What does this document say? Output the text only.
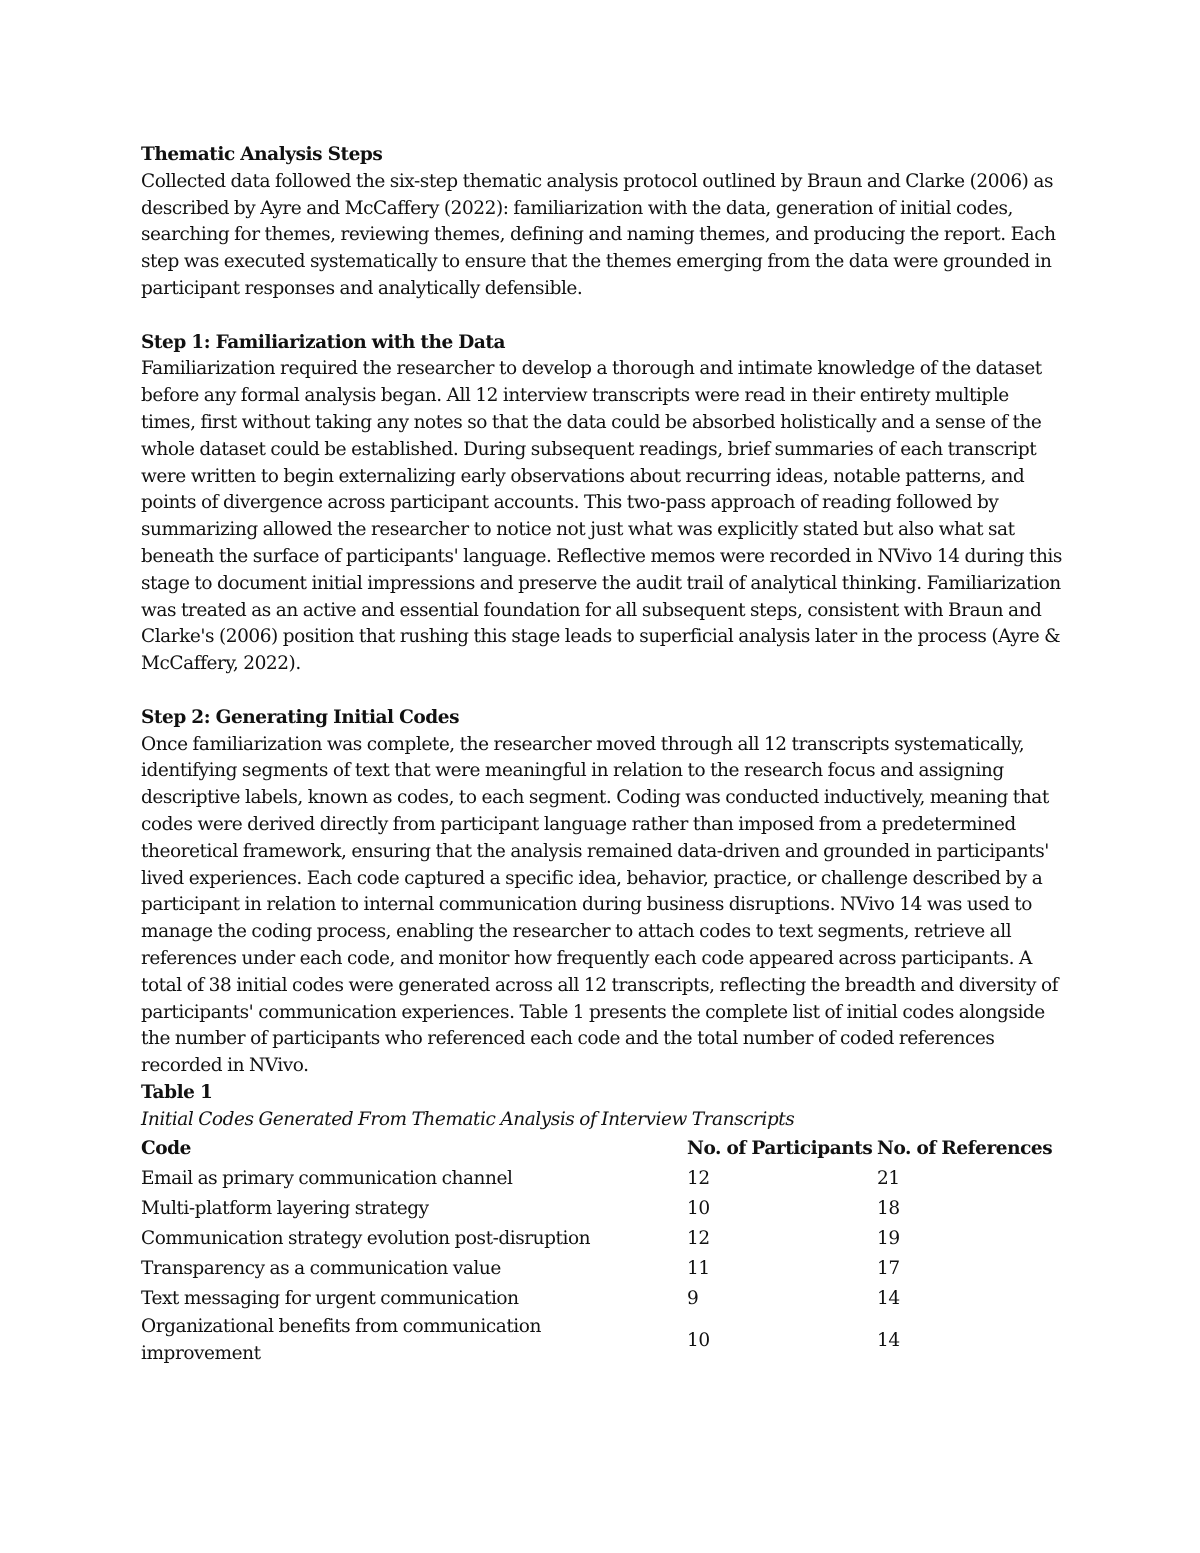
Thematic Analysis Steps

Collected data followed the six-step thematic analysis protocol outlined by Braun and Clarke (2006) as described by Ayre and McCaffery (2022): familiarization with the data, generation of initial codes, searching for themes, reviewing themes, defining and naming themes, and producing the report. Each step was executed systematically to ensure that the themes emerging from the data were grounded in participant responses and analytically defensible.

Step 1: Familiarization with the Data

Familiarization required the researcher to develop a thorough and intimate knowledge of the dataset before any formal analysis began. All 12 interview transcripts were read in their entirety multiple times, first without taking any notes so that the data could be absorbed holistically and a sense of the whole dataset could be established. During subsequent readings, brief summaries of each transcript were written to begin externalizing early observations about recurring ideas, notable patterns, and points of divergence across participant accounts. This two-pass approach of reading followed by summarizing allowed the researcher to notice not just what was explicitly stated but also what sat beneath the surface of participants' language. Reflective memos were recorded in NVivo 14 during this stage to document initial impressions and preserve the audit trail of analytical thinking. Familiarization was treated as an active and essential foundation for all subsequent steps, consistent with Braun and Clarke's (2006) position that rushing this stage leads to superficial analysis later in the process (Ayre & McCaffery, 2022).

Step 2: Generating Initial Codes

Once familiarization was complete, the researcher moved through all 12 transcripts systematically, identifying segments of text that were meaningful in relation to the research focus and assigning descriptive labels, known as codes, to each segment. Coding was conducted inductively, meaning that codes were derived directly from participant language rather than imposed from a predetermined theoretical framework, ensuring that the analysis remained data-driven and grounded in participants' lived experiences. Each code captured a specific idea, behavior, practice, or challenge described by a participant in relation to internal communication during business disruptions. NVivo 14 was used to manage the coding process, enabling the researcher to attach codes to text segments, retrieve all references under each code, and monitor how frequently each code appeared across participants. A total of 38 initial codes were generated across all 12 transcripts, reflecting the breadth and diversity of participants' communication experiences. Table 1 presents the complete list of initial codes alongside the number of participants who referenced each code and the total number of coded references recorded in NVivo.

Table 1

Initial Codes Generated From Thematic Analysis of Interview Transcripts

Code	No. of Participants	No. of References
Email as primary communication channel	12	21
Multi-platform layering strategy	10	18
Communication strategy evolution post-disruption	12	19
Transparency as a communication value	11	17
Text messaging for urgent communication	9	14
Organizational benefits from communication improvement	10	14
